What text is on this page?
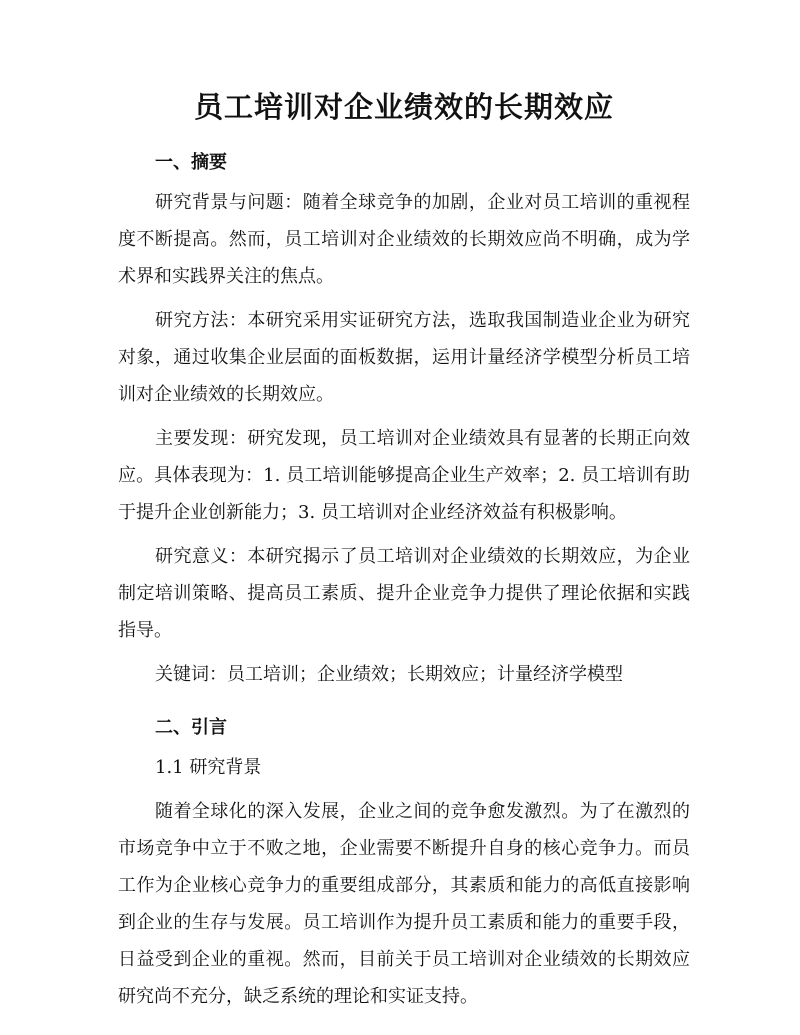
员工培训对企业绩效的长期效应
一、摘要

研究背景与问题：随着全球竞争的加剧，企业对员工培训的重视程度不断提高。然而，员工培训对企业绩效的长期效应尚不明确，成为学术界和实践界关注的焦点。

研究方法：本研究采用实证研究方法，选取我国制造业企业为研究对象，通过收集企业层面的面板数据，运用计量经济学模型分析员工培训对企业绩效的长期效应。

主要发现：研究发现，员工培训对企业绩效具有显著的长期正向效应。具体表现为：1. 员工培训能够提高企业生产效率；2. 员工培训有助于提升企业创新能力；3. 员工培训对企业经济效益有积极影响。

研究意义：本研究揭示了员工培训对企业绩效的长期效应，为企业制定培训策略、提高员工素质、提升企业竞争力提供了理论依据和实践指导。

关键词：员工培训；企业绩效；长期效应；计量经济学模型

二、引言

1.1 研究背景

随着全球化的深入发展，企业之间的竞争愈发激烈。为了在激烈的市场竞争中立于不败之地，企业需要不断提升自身的核心竞争力。而员工作为企业核心竞争力的重要组成部分，其素质和能力的高低直接影响到企业的生存与发展。员工培训作为提升员工素质和能力的重要手段，日益受到企业的重视。然而，目前关于员工培训对企业绩效的长期效应研究尚不充分，缺乏系统的理论和实证支持。
